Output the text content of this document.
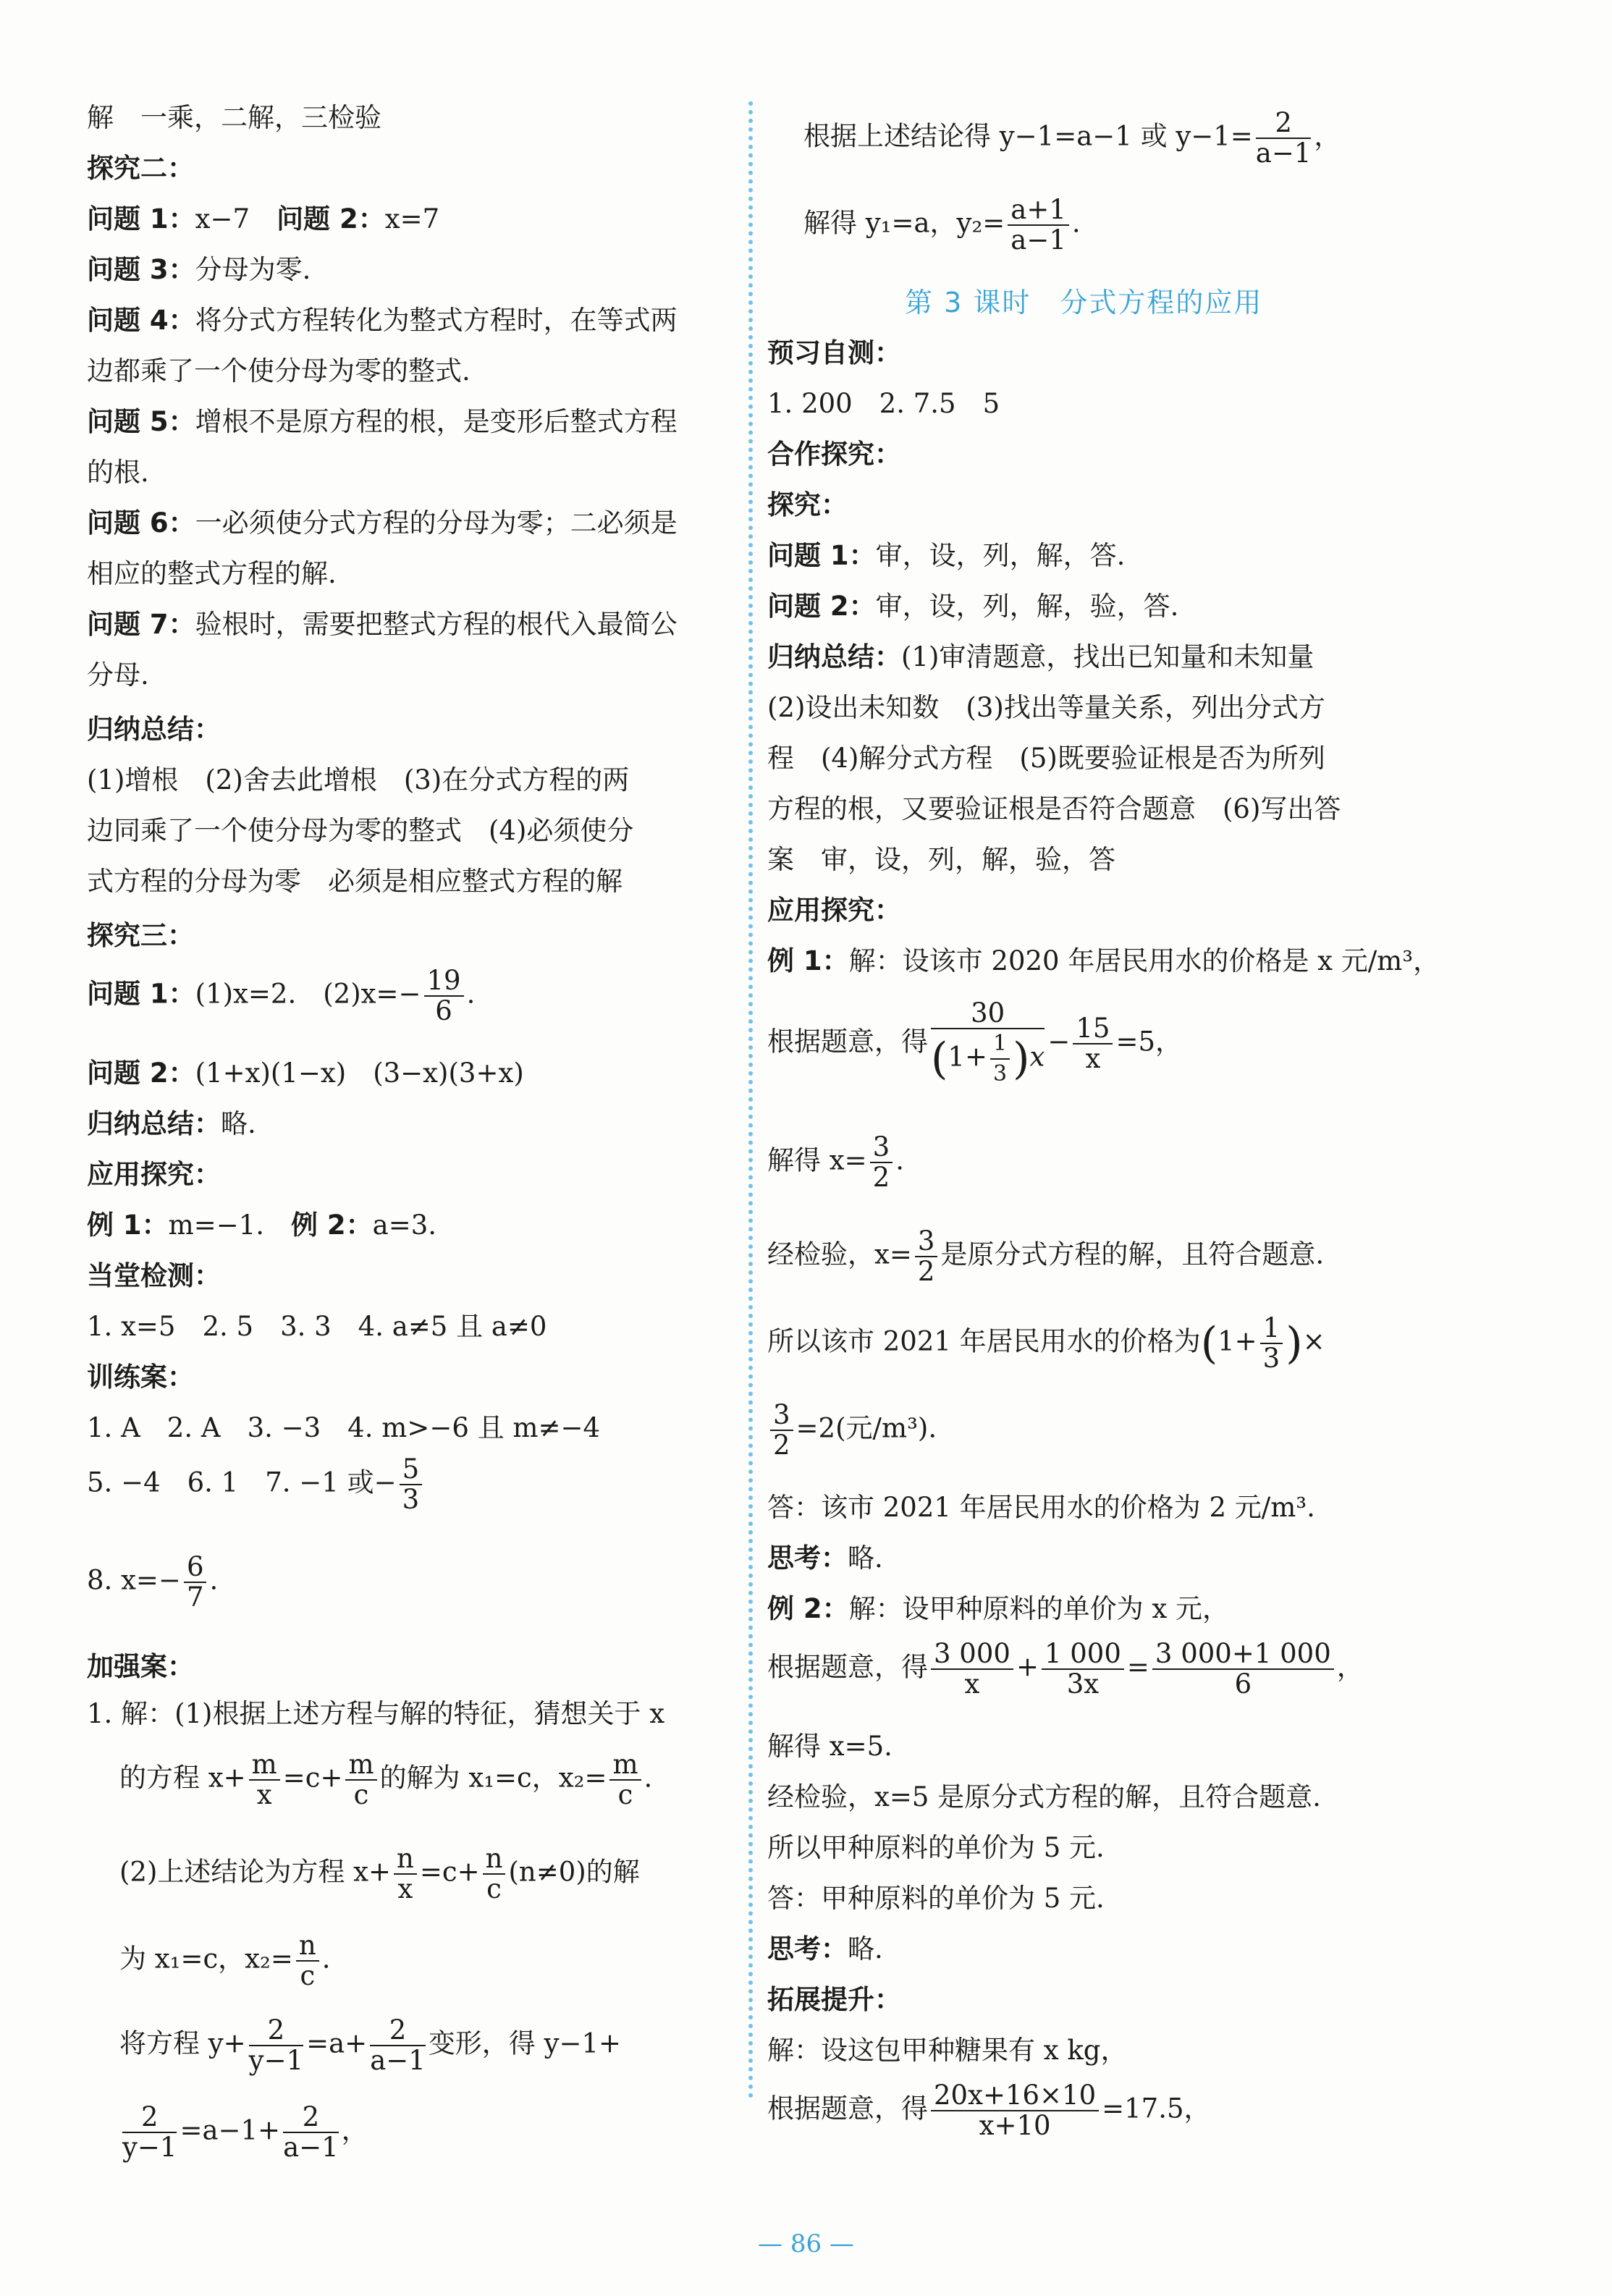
解　一乘，二解，三检验
探究二：
问题 1：x−7　 问题 2：x=7
问题 3：分母为零.
问题 4：将分式方程转化为整式方程时，在等式两
边都乘了一个使分母为零的整式.
问题 5：增根不是原方程的根，是变形后整式方程
的根.
问题 6：一必须使分式方程的分母为零；二必须是
相应的整式方程的解.
问题 7：验根时，需要把整式方程的根代入最简公
分母.
归纳总结：
(1)增根　(2)舍去此增根　(3)在分式方程的两
边同乘了一个使分母为零的整式　(4)必须使分
式方程的分母为零　必须是相应整式方程的解
探究三：
问题 1：(1)x=2.　$(2)x=- \frac{19}{6}$ .
问题 2：(1+x)(1−x)　(3−x)(3+x)
归纳总结：略.
应用探究：
例 1：m=−1.　 例 2：a=3.
当堂检测：
1. x=5　2. 5　3. 3　4. a≠5 且 a≠0
训练案：
1. A　2. A　3. −3　4. m>−6 且 m≠−4
5. −4　6. 1　7. −1 或− $\frac{5}{3}$
8. $x=- \frac{6}{7}$ .
加强案：
1. 解：(1)根据上述方程与解的特征，猜想关于 x
的方程 $x+ \frac{m}{x} =c+ \frac{m}{c}$ 的解为 x₁=c，$x_2= \frac{m}{c}$ .
(2)上述结论为方程 $x+ \frac{n}{x} =c+ \frac{n}{c} (n\ne 0)$的解
为 x₁=c，$x_2= \frac{n}{c}$ .
将方程 $y+ \frac{2}{y-1} =a+ \frac{2}{a-1}$ 变形，得 y−1+
$\frac{2}{y-1} =a-1+ \frac{2}{a-1}$ ，
根据上述结论得 y−1=a−1 或 $y-1= \frac{2}{a-1}$ ，
解得 y₁=a，$y_2= \frac{a+1}{a-1}$ .
第 3 课时　分式方程的应用
预习自测：
1. 200　2. 7.5　5
合作探究：
探究：
问题 1：审，设，列，解，答.
问题 2：审，设，列，解，验，答.
归纳总结：(1)审清题意，找出已知量和未知量
(2)设出未知数　(3)找出等量关系，列出分式方
程　(4)解分式方程　(5)既要验证根是否为所列
方程的根，又要验证根是否符合题意　(6)写出答
案　审，设，列，解，验，答
应用探究：
例 1：解：设该市 2020 年居民用水的价格是 x 元/m³，
根据题意，得 $\frac{30}{(1+ \frac{1}{3} )x} - \frac{15}{x} =5$，
解得 $x= \frac{3}{2}$ .
经检验，$x= \frac{3}{2}$ 是原分式方程的解，且符合题意.
所以该市 2021 年居民用水的价格为($1+ \frac{1}{3}$ )×
$\frac{3}{2} =2$(元/m³).
答：该市 2021 年居民用水的价格为 2 元/m³.
思考：略.
例 2：解：设甲种原料的单价为 x 元，
根据题意，得 $\frac{3 000}{x} + \frac{1 000}{3x} = \frac{3 000+1 000}{6}$ ，
解得 x=5.
经检验，x=5 是原分式方程的解，且符合题意.
所以甲种原料的单价为 5 元.
答：甲种原料的单价为 5 元.
思考：略.
拓展提升：
解：设这包甲种糖果有 x kg，
根据题意，得 $\frac{20x+16\times 10}{x+10} =17.5$，
— 86 —
